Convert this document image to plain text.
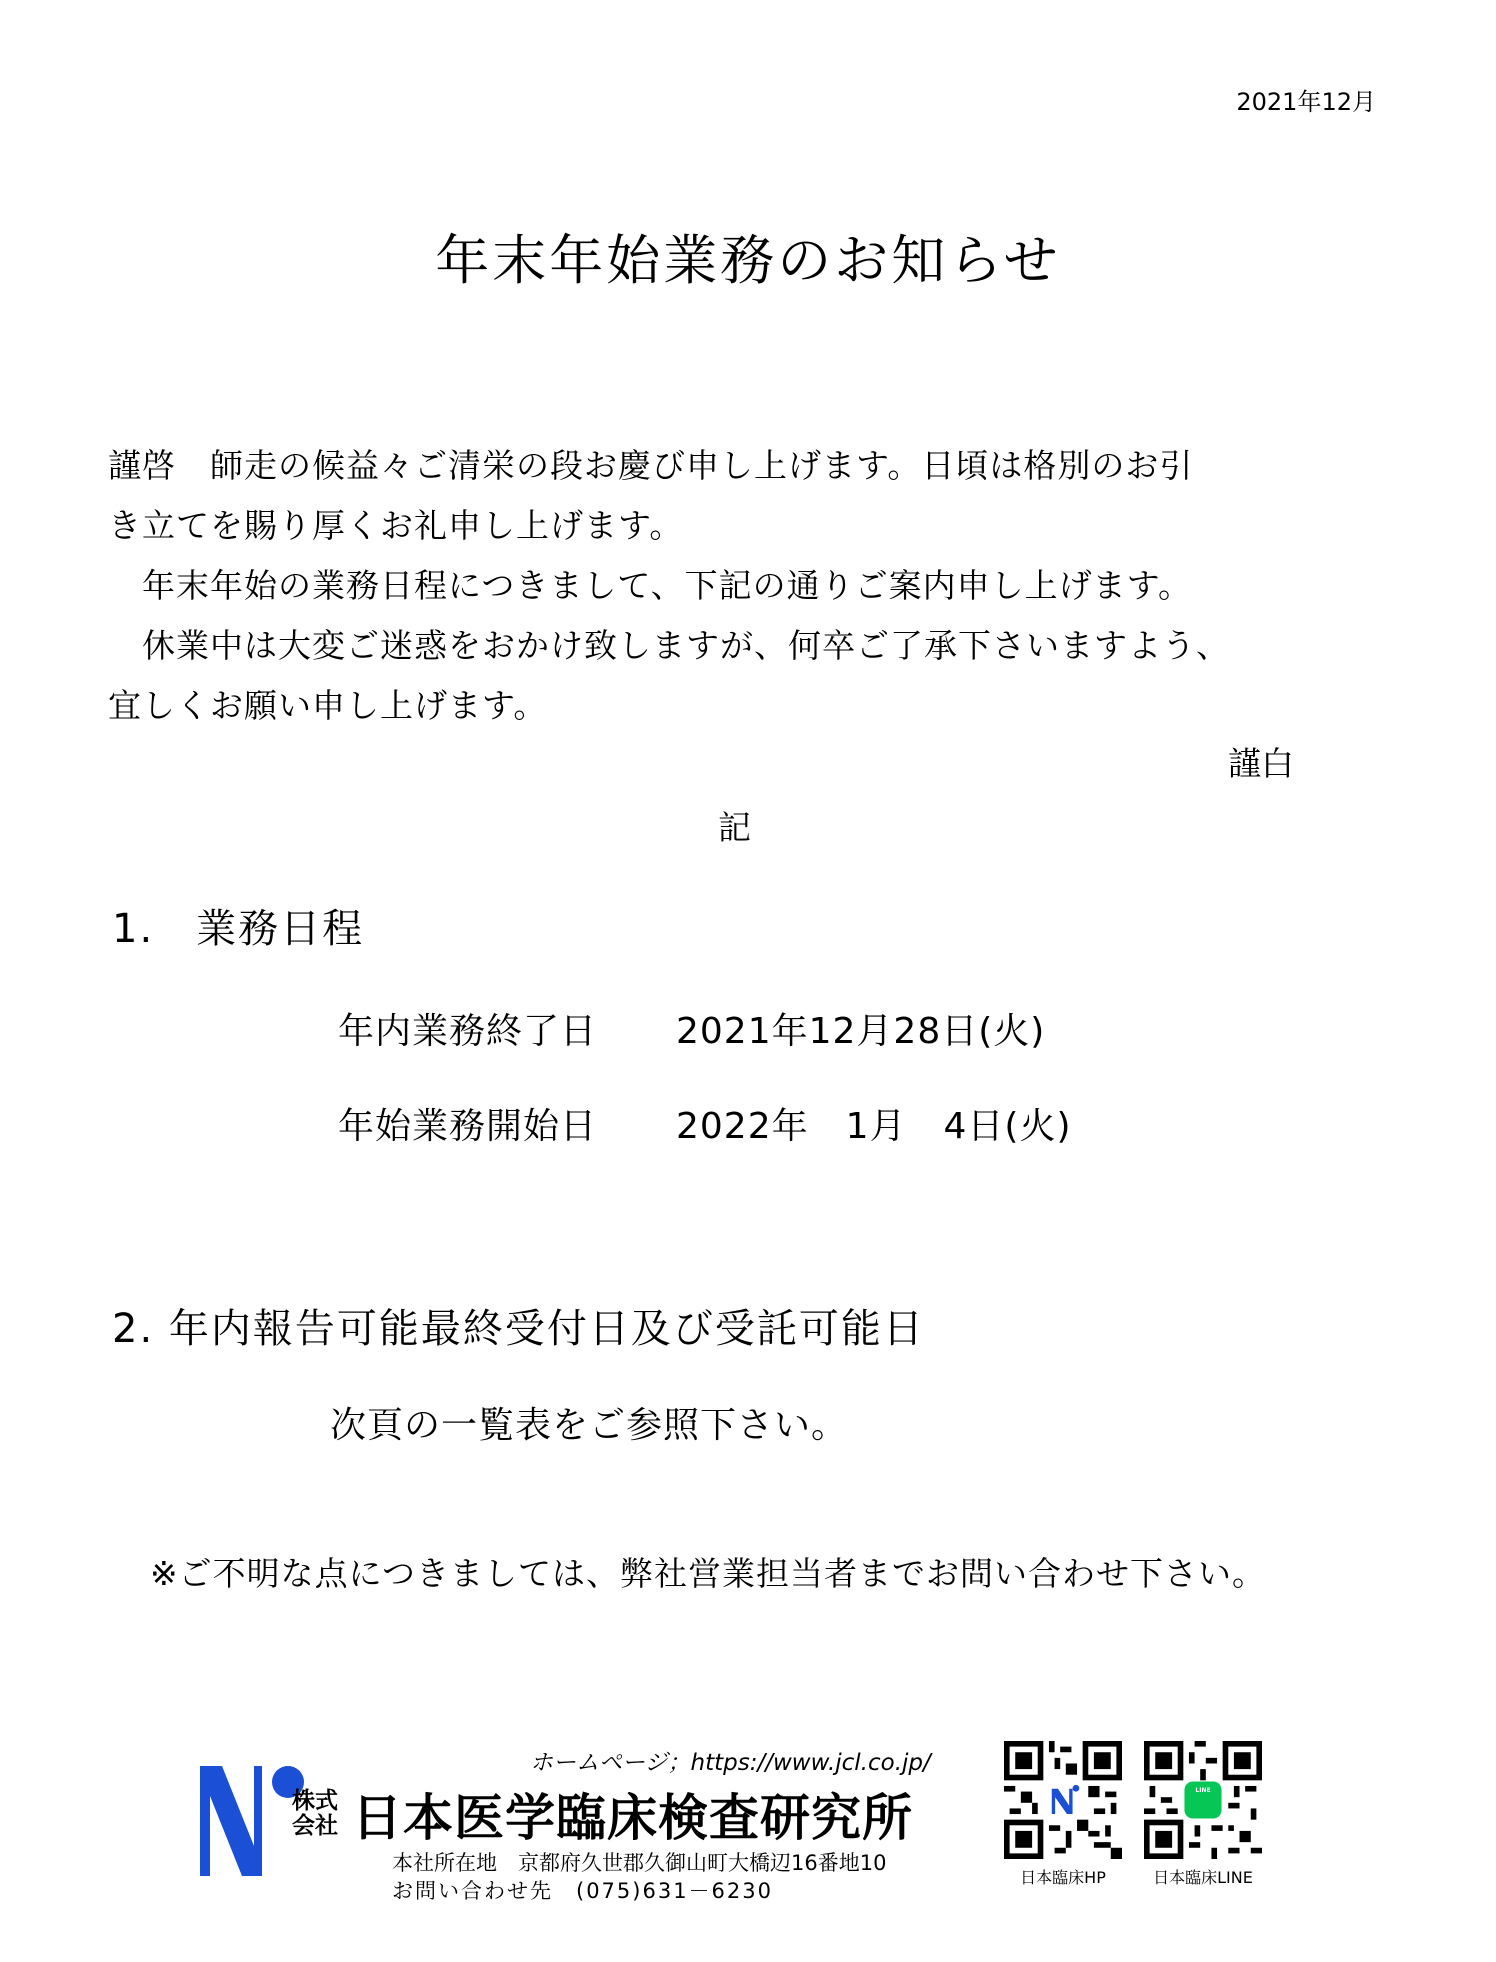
2021年12月
年末年始業務のお知らせ
謹啓　師走の候益々ご清栄の段お慶び申し上げます。日頃は格別のお引
き立てを賜り厚くお礼申し上げます。
　年末年始の業務日程につきまして、下記の通りご案内申し上げます。
　休業中は大変ご迷惑をおかけ致しますが、何卒ご了承下さいますよう、
宜しくお願い申し上げます。
謹白
記
1.　業務日程
年内業務終了日 2021年12月28日(火)
年始業務開始日 2022年　1月　4日(火)
2. 年内報告可能最終受付日及び受託可能日
次頁の一覧表をご参照下さい。
※ご不明な点につきましては、弊社営業担当者までお問い合わせ下さい。
ホームページ；https://www.jcl.co.jp/
株式
会社 日本医学臨床検査研究所
本社所在地　京都府久世郡久御山町大橋辺16番地10
お問い合わせ先　(075)631－6230
日本臨床HP
LINE
日本臨床LINE
